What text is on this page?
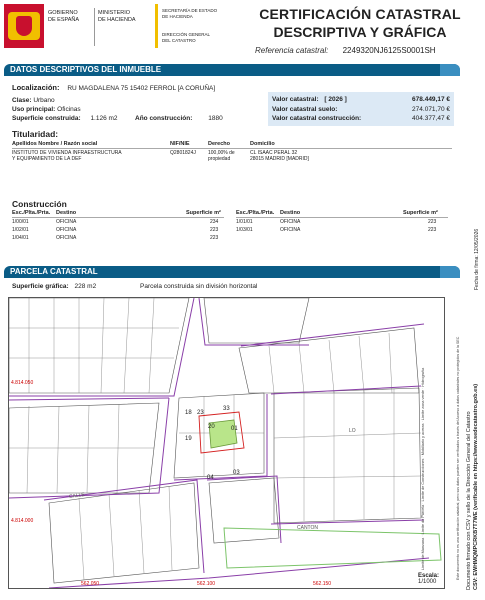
GOBIERNO
DE ESPAÑA
MINISTERIO
DE HACIENDA
SECRETARÍA DE ESTADO
DE HACIENDA
DIRECCIÓN GENERAL
DEL CATASTRO
CERTIFICACIÓN CATASTRAL
DESCRIPTIVA Y GRÁFICA
Referencia catastral: 2249320NJ6125S0001SH
DATOS DESCRIPTIVOS DEL INMUEBLE
Localización: RU MAGDALENA 75 15402 FERROL [A CORUÑA]
Clase: Urbano
Uso principal: Oficinas
Superficie construida: 1.126 m2	Año construcción: 1880
Valor catastral: [ 2026 ]	678.449,17 €
Valor catastral suelo:	274.071,70 €
Valor catastral construcción:	404.377,47 €
Titularidad:
Apellidos Nombre / Razón social	NIF/NIE	Derecho	Domicilio
INSTITUTO DE VIVIENDA INFRAESTRUCTURA
Y EQUIPAMIENTO DE LA DEF
Q2801824J 100,00% de
propiedad
CL ISAAC PERAL 32
28015 MADRID [MADRID]
Construcción
Esc./Plta./Prta. Destino	Superficie m²	Esc./Plta./Prta. Destino	Superficie m²
1/00/01	OFICINA	234
1/02/01	OFICINA	223
1/04/01	OFICINA	223
1/01/01	OFICINA	223
1/03/01	OFICINA	223
PARCELA CATASTRAL
Superficie gráfica: 228 m2	Parcela construida sin división horizontal
4.814.050
4.814.000
562.050	562.100	562.150
20	01
19
04
03
23
33
18
CALLE
CANTON
LO
Límite de Manzana · Límite de Parcela · Límite de Construcciones · Mobiliario y aceras · Límite zona verde · Hidrografía
Escala:
1/1000	Documento firmado con CSV y sello de la Dirección General del Catastro CSV: EWHMQMPCRKB7T7WE (verificable en https://www.sedecatastro.gob.es)
Fecha de firma: 12/05/2026
Este documento no es una certificación catastral, pero sus datos pueden ser verificados a través del Acceso a datos catastrales no protegidos de la SEC
